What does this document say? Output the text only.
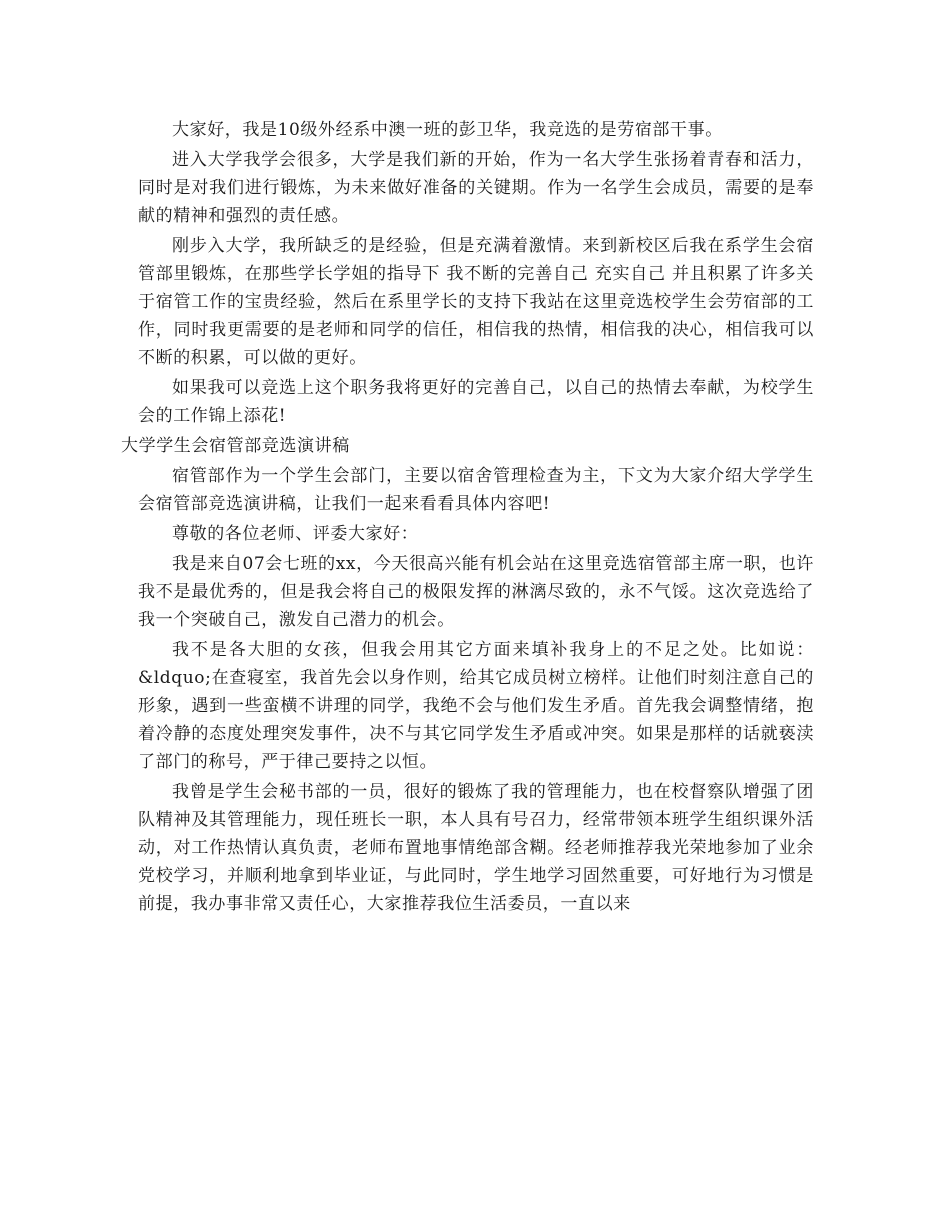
大家好，我是10级外经系中澳一班的彭卫华，我竞选的是劳宿部干事。

进入大学我学会很多，大学是我们新的开始，作为一名大学生张扬着青春和活力，同时是对我们进行锻炼，为未来做好准备的关键期。作为一名学生会成员，需要的是奉献的精神和强烈的责任感。

刚步入大学，我所缺乏的是经验，但是充满着激情。来到新校区后我在系学生会宿管部里锻炼，在那些学长学姐的指导下 我不断的完善自己 充实自己 并且积累了许多关于宿管工作的宝贵经验，然后在系里学长的支持下我站在这里竞选校学生会劳宿部的工作，同时我更需要的是老师和同学的信任，相信我的热情，相信我的决心，相信我可以不断的积累，可以做的更好。

如果我可以竞选上这个职务我将更好的完善自己，以自己的热情去奉献，为校学生会的工作锦上添花!

大学学生会宿管部竞选演讲稿

宿管部作为一个学生会部门，主要以宿舍管理检查为主，下文为大家介绍大学学生会宿管部竞选演讲稿，让我们一起来看看具体内容吧!

尊敬的各位老师、评委大家好：

我是来自07会七班的xx，今天很高兴能有机会站在这里竞选宿管部主席一职，也许我不是最优秀的，但是我会将自己的极限发挥的淋漓尽致的，永不气馁。这次竞选给了我一个突破自己，激发自己潜力的机会。

我不是各大胆的女孩，但我会用其它方面来填补我身上的不足之处。比如说：&ldquo;在查寝室，我首先会以身作则，给其它成员树立榜样。让他们时刻注意自己的形象，遇到一些蛮横不讲理的同学，我绝不会与他们发生矛盾。首先我会调整情绪，抱着冷静的态度处理突发事件，决不与其它同学发生矛盾或冲突。如果是那样的话就亵渎了部门的称号，严于律己要持之以恒。

我曾是学生会秘书部的一员，很好的锻炼了我的管理能力，也在校督察队增强了团队精神及其管理能力，现任班长一职，本人具有号召力，经常带领本班学生组织课外活动，对工作热情认真负责，老师布置地事情绝部含糊。经老师推荐我光荣地参加了业余党校学习，并顺利地拿到毕业证，与此同时，学生地学习固然重要，可好地行为习惯是前提，我办事非常又责任心，大家推荐我位生活委员，一直以来
